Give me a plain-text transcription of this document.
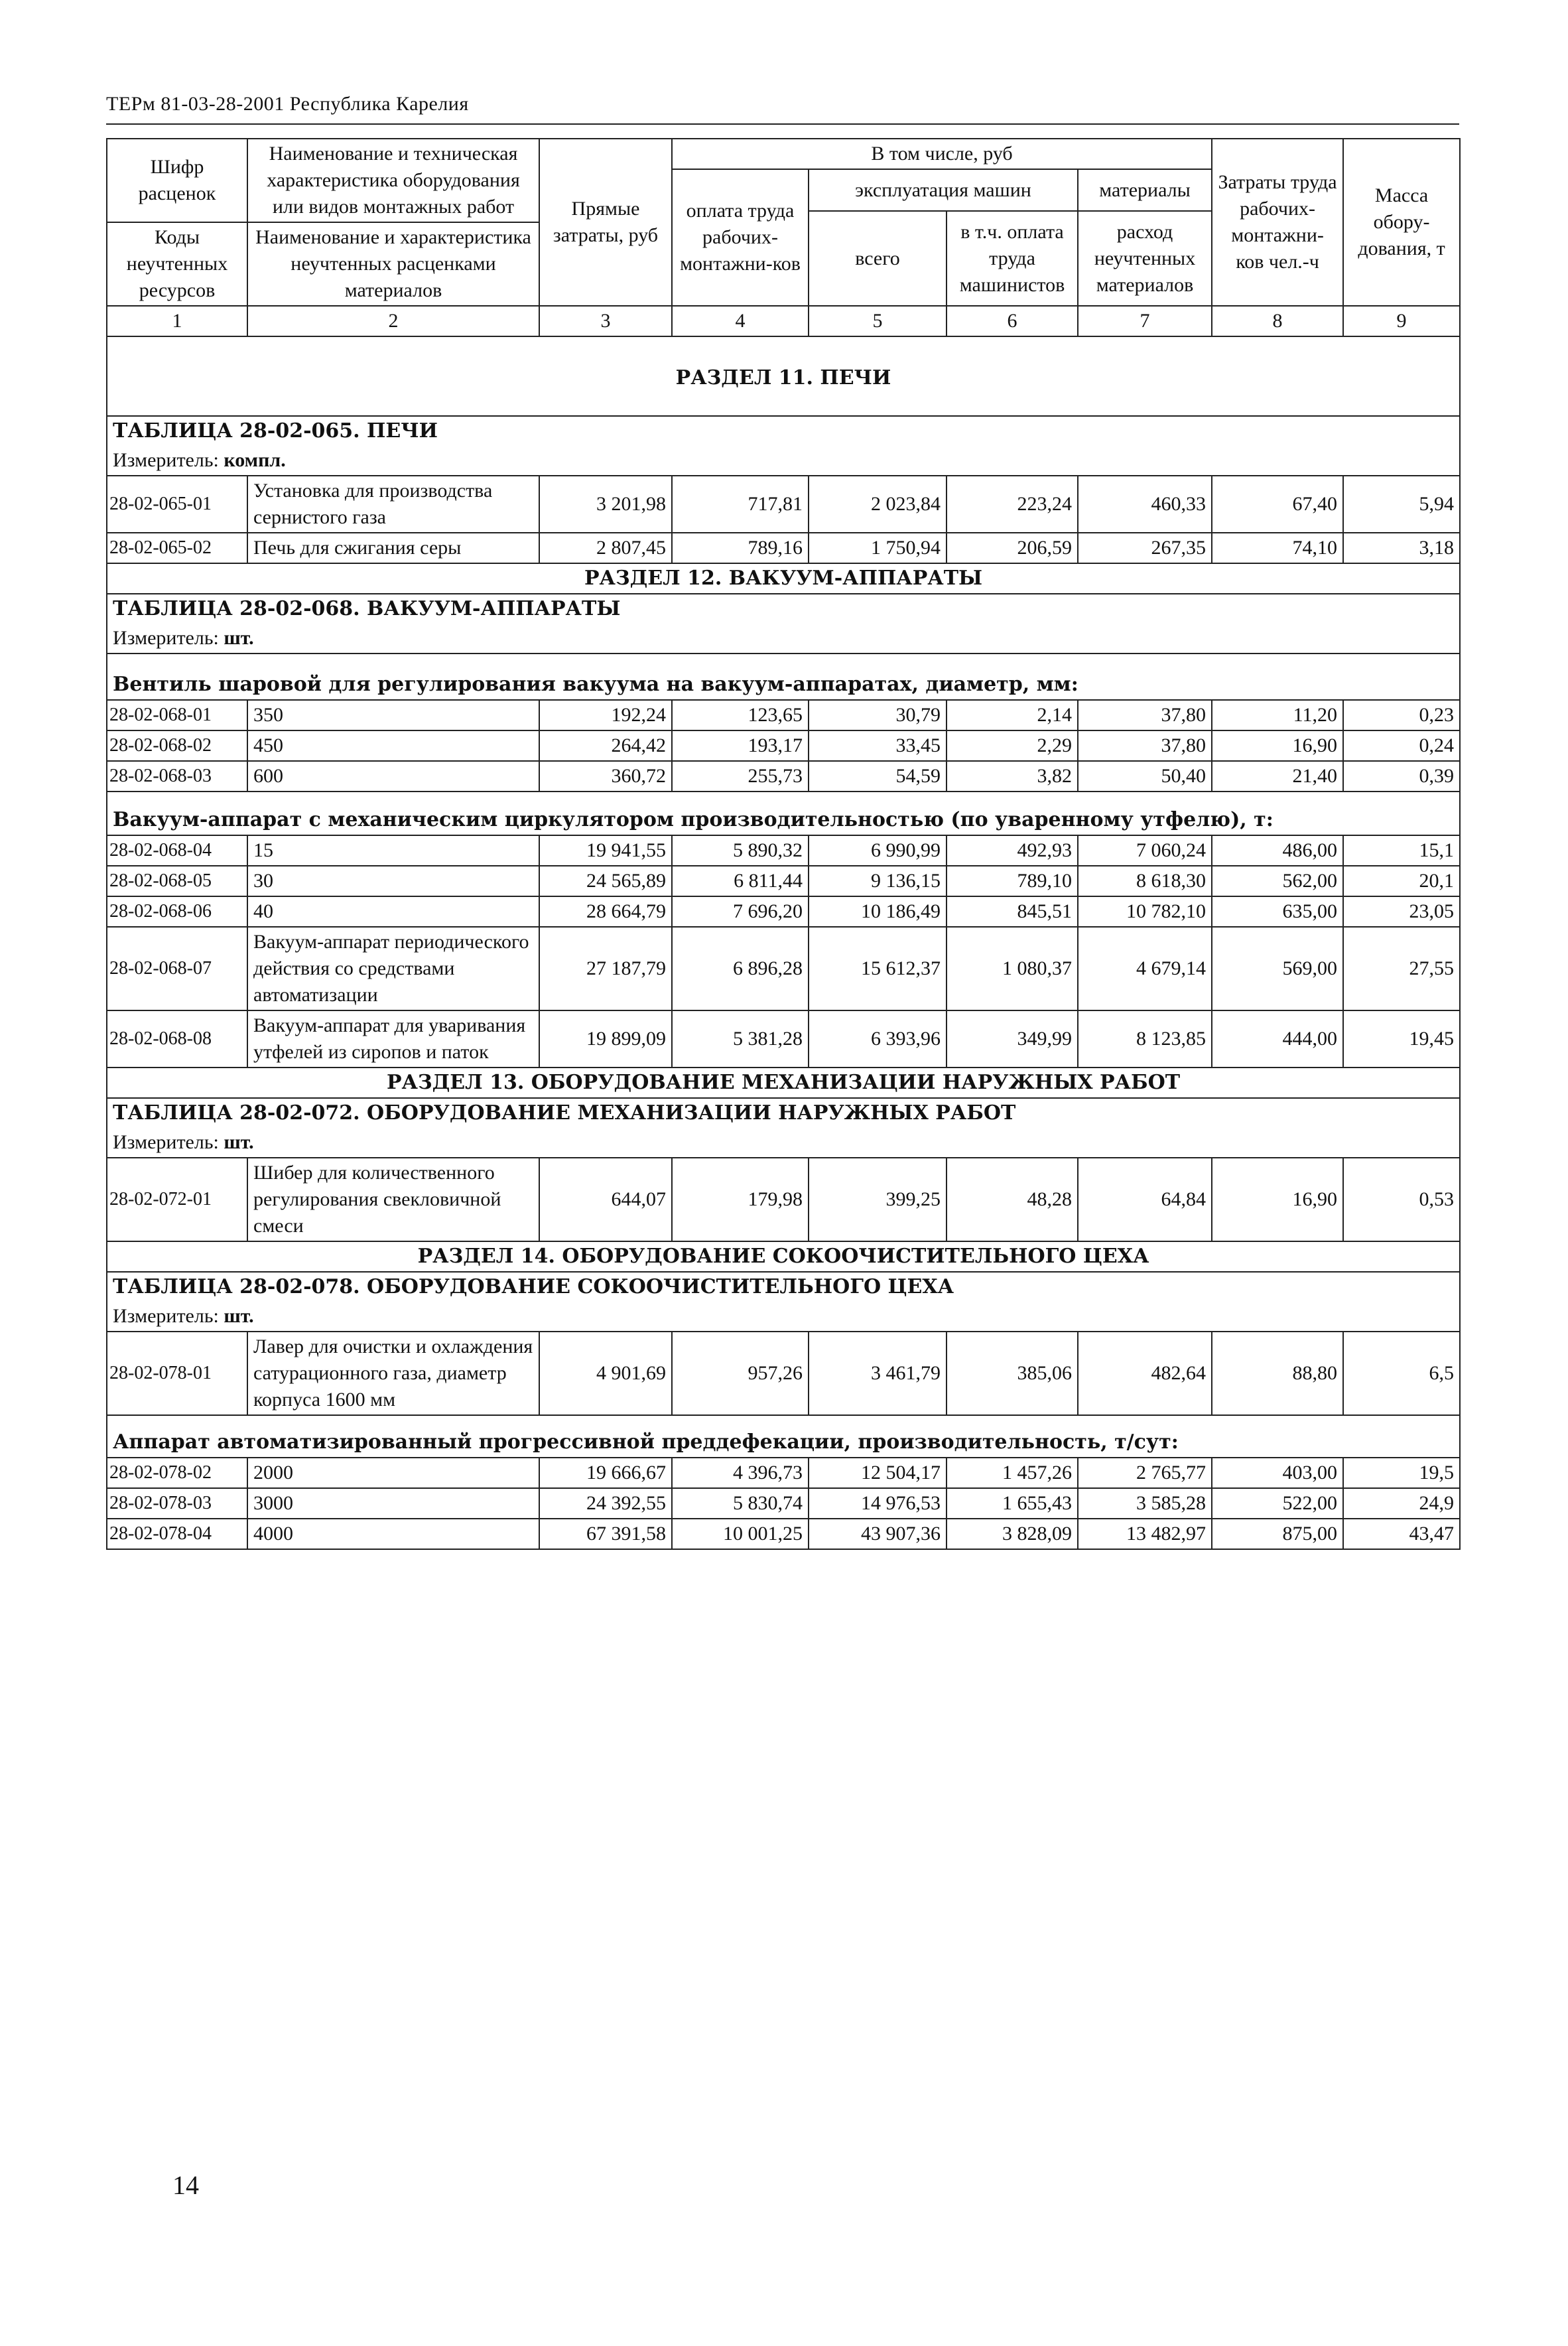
ТЕРм 81-03-28-2001 Республика Карелия
Шифр расценок	Наименование и техническая характеристика оборудования или видов монтажных работ	Прямые затраты, руб	В том числе, руб				Затраты труда рабочих-монтажни-ков чел.-ч	Масса обору-дования, т
			оплата труда рабочих-монтажни-ков	эксплуатация машин		материалы		
				всего	в т.ч. оплата труда машинистов	расход неучтенных материалов		
Коды неучтенных ресурсов	Наименование и характеристика неучтенных расценками материалов							

1	2	3	4	5	6	7	8	9
РАЗДЕЛ 11. ПЕЧИ								
ТАБЛИЦА 28-02-065. ПЕЧИ								
Измеритель: компл.								
28-02-065-01	Установка для производства сернистого газа	3 201,98	717,81	2 023,84	223,24	460,33	67,40	5,94
28-02-065-02	Печь для сжигания серы	2 807,45	789,16	1 750,94	206,59	267,35	74,10	3,18
РАЗДЕЛ 12. ВАКУУМ-АППАРАТЫ								
ТАБЛИЦА 28-02-068. ВАКУУМ-АППАРАТЫ								
Измеритель: шт.								
Вентиль шаровой для регулирования вакуума на вакуум-аппаратах, диаметр, мм:								
28-02-068-01	350	192,24	123,65	30,79	2,14	37,80	11,20	0,23
28-02-068-02	450	264,42	193,17	33,45	2,29	37,80	16,90	0,24
28-02-068-03	600	360,72	255,73	54,59	3,82	50,40	21,40	0,39
Вакуум-аппарат с механическим циркулятором производительностью (по уваренному утфелю), т:								
28-02-068-04	15	19 941,55	5 890,32	6 990,99	492,93	7 060,24	486,00	15,1
28-02-068-05	30	24 565,89	6 811,44	9 136,15	789,10	8 618,30	562,00	20,1
28-02-068-06	40	28 664,79	7 696,20	10 186,49	845,51	10 782,10	635,00	23,05
28-02-068-07	Вакуум-аппарат периодического действия со средствами автоматизации	27 187,79	6 896,28	15 612,37	1 080,37	4 679,14	569,00	27,55
28-02-068-08	Вакуум-аппарат для уваривания утфелей из сиропов и паток	19 899,09	5 381,28	6 393,96	349,99	8 123,85	444,00	19,45
РАЗДЕЛ 13. ОБОРУДОВАНИЕ МЕХАНИЗАЦИИ НАРУЖНЫХ РАБОТ								
ТАБЛИЦА 28-02-072. ОБОРУДОВАНИЕ МЕХАНИЗАЦИИ НАРУЖНЫХ РАБОТ								
Измеритель: шт.								
28-02-072-01	Шибер для количественного регулирования свекловичной смеси	644,07	179,98	399,25	48,28	64,84	16,90	0,53
РАЗДЕЛ 14. ОБОРУДОВАНИЕ СОКООЧИСТИТЕЛЬНОГО ЦЕХА								
ТАБЛИЦА 28-02-078. ОБОРУДОВАНИЕ СОКООЧИСТИТЕЛЬНОГО ЦЕХА								
Измеритель: шт.								
28-02-078-01	Лавер для очистки и охлаждения сатурационного газа, диаметр корпуса 1600 мм	4 901,69	957,26	3 461,79	385,06	482,64	88,80	6,5
Аппарат автоматизированный прогрессивной преддефекации, производительность, т/сут:								
28-02-078-02	2000	19 666,67	4 396,73	12 504,17	1 457,26	2 765,77	403,00	19,5
28-02-078-03	3000	24 392,55	5 830,74	14 976,53	1 655,43	3 585,28	522,00	24,9
28-02-078-04	4000	67 391,58	10 001,25	43 907,36	3 828,09	13 482,97	875,00	43,47
14
